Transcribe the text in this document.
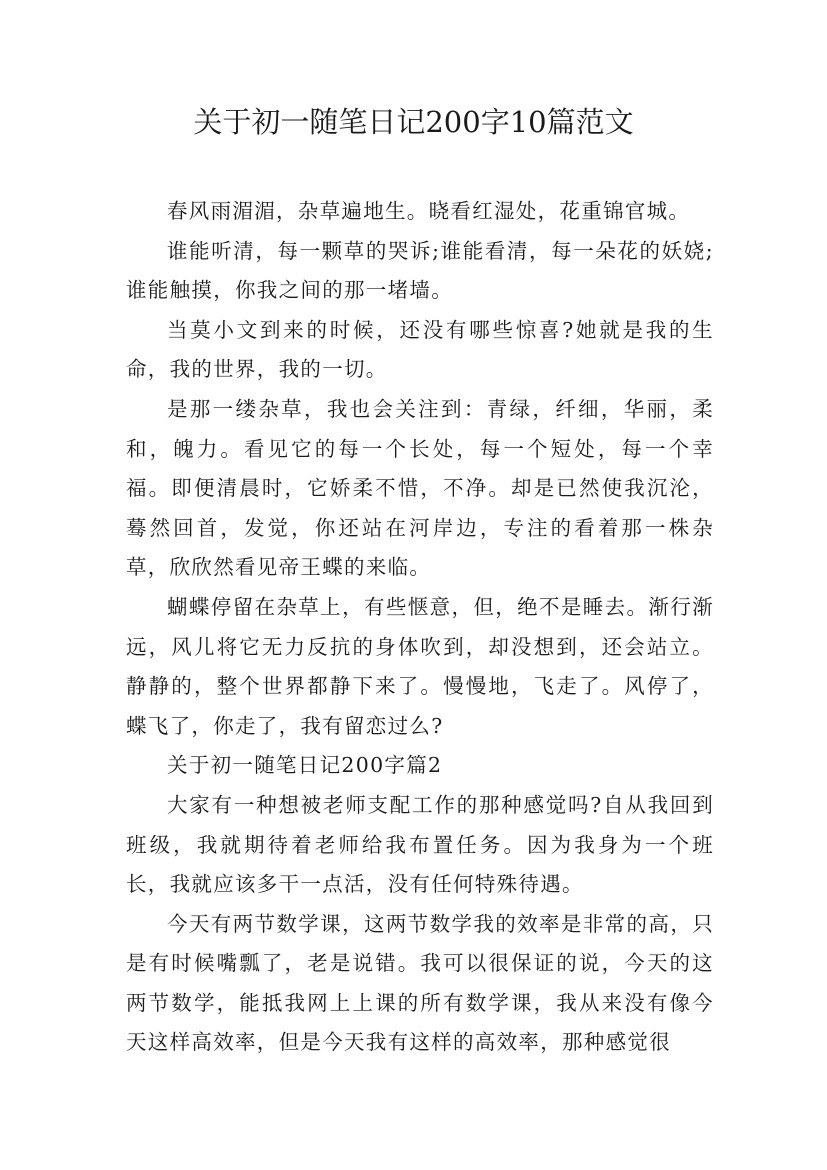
关于初一随笔日记200字10篇范文

春风雨湄湄，杂草遍地生。晓看红湿处，花重锦官城。

谁能听清，每一颗草的哭诉;谁能看清，每一朵花的妖娆;谁能触摸，你我之间的那一堵墙。

当莫小文到来的时候，还没有哪些惊喜?她就是我的生命，我的世界，我的一切。

是那一缕杂草，我也会关注到：青绿，纤细，华丽，柔和，魄力。看见它的每一个长处，每一个短处，每一个幸福。即便清晨时，它娇柔不惜，不净。却是已然使我沉沦，蓦然回首，发觉，你还站在河岸边，专注的看着那一株杂草，欣欣然看见帝王蝶的来临。

蝴蝶停留在杂草上，有些惬意，但，绝不是睡去。渐行渐远，风儿将它无力反抗的身体吹到，却没想到，还会站立。静静的，整个世界都静下来了。慢慢地，飞走了。风停了，蝶飞了，你走了，我有留恋过么?

关于初一随笔日记200字篇2

大家有一种想被老师支配工作的那种感觉吗?自从我回到班级，我就期待着老师给我布置任务。因为我身为一个班长，我就应该多干一点活，没有任何特殊待遇。

今天有两节数学课，这两节数学我的效率是非常的高，只是有时候嘴瓢了，老是说错。我可以很保证的说，今天的这两节数学，能抵我网上上课的所有数学课，我从来没有像今天这样高效率，但是今天我有这样的高效率，那种感觉很
